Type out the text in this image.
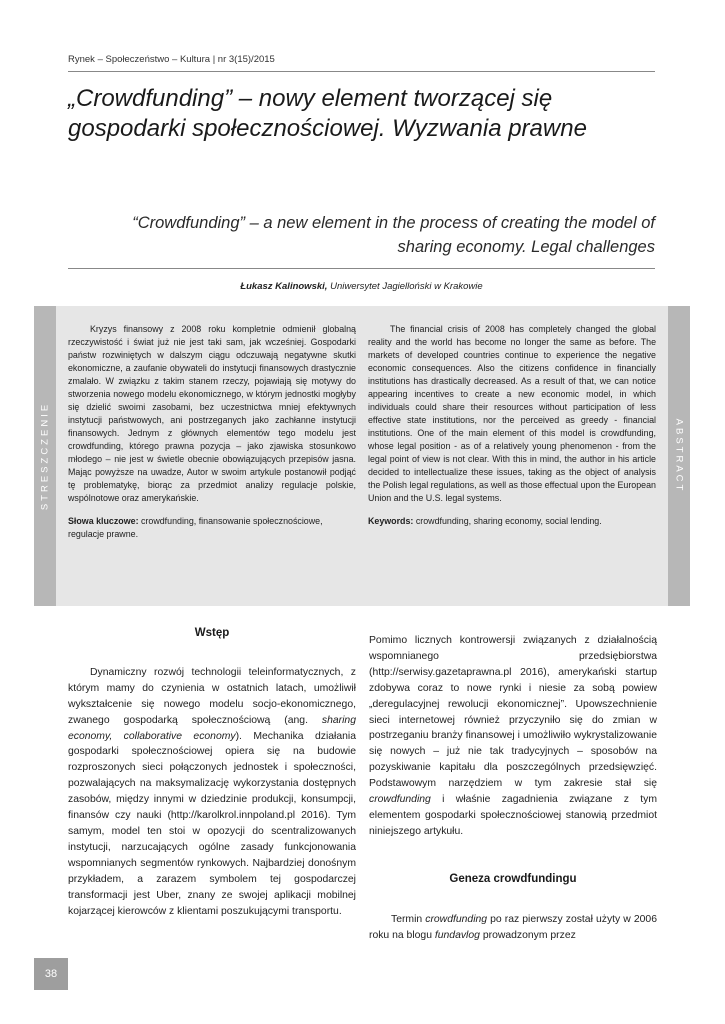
Rynek – Społeczeństwo – Kultura | nr 3(15)/2015
„Crowdfunding” – nowy element tworzącej się gospodarki społecznościowej. Wyzwania prawne
“Crowdfunding” – a new element in the process of creating the model of sharing economy. Legal challenges
Łukasz Kalinowski, Uniwersytet Jagielloński w Krakowie
STRESZCZENIE

Kryzys finansowy z 2008 roku kompletnie odmienił globalną rzeczywistość i świat już nie jest taki sam, jak wcześniej. Gospodarki państw rozwiniętych w dalszym ciągu odczuwają negatywne skutki ekonomiczne, a zaufanie obywateli do instytucji finansowych drastycznie zmalało. W związku z takim stanem rzeczy, pojawiają się motywy do stworzenia nowego modelu ekonomicznego, w którym jednostki mogłyby się dzielić swoimi zasobami, bez uczestnictwa mniej efektywnych instytucji państwowych, ani postrzeganych jako zachłanne instytucji finansowych. Jednym z głównych elementów tego modelu jest crowdfunding, którego prawna pozycja – jako zjawiska stosunkowo młodego – nie jest w świetle obecnie obowiązujących przepisów jasna. Mając powyższe na uwadze, Autor w swoim artykule postanowił podjąć tę problematykę, biorąc za przedmiot analizy regulacje polskie, wspólnotowe oraz amerykańskie.

Słowa kluczowe: crowdfunding, finansowanie społecznościowe, regulacje prawne.

The financial crisis of 2008 has completely changed the global reality and the world has become no longer the same as before. The markets of developed countries continue to experience the negative economic consequences. Also the citizens confidence in financially institutions has drastically decreased. As a result of that, we can notice appearing incentives to create a new economic model, in which individuals could share their resources without participation of less effective state institutions, nor the perceived as greedy - financial institutions. One of the main element of this model is crowdfunding, whose legal position - as of a relatively young phenomenon - from the legal point of view is not clear. With this in mind, the author in his article decided to intellectualize these issues, taking as the object of analysis the Polish legal regulations, as well as those effectual upon the European Union and the U.S. legal systems.

Keywords: crowdfunding, sharing economy, social lending.

ABSTRACT
Wstęp

Dynamiczny rozwój technologii teleinformatycznych, z którym mamy do czynienia w ostatnich latach, umożliwił wykształcenie się nowego modelu socjo-ekonomicznego, zwanego gospodarką społecznościową (ang. sharing economy, collaborative economy). Mechanika działania gospodarki społecznościowej opiera się na budowie rozproszonych sieci połączonych jednostek i społeczności, pozwalających na maksymalizację wykorzystania dostępnych zasobów, między innymi w dziedzinie produkcji, konsumpcji, finansów czy nauki (http://karolkrol.innpoland.pl 2016). Tym samym, model ten stoi w opozycji do scentralizowanych instytucji, narzucających ogólne zasady funkcjonowania wspomnianych segmentów rynkowych. Najbardziej donośnym przykładem, a zarazem symbolem tej gospodarczej transformacji jest Uber, znany ze swojej aplikacji mobilnej kojarzącej kierowców z klientami poszukującymi transportu.

Pomimo licznych kontrowersji związanych z działalnością wspomnianego przedsiębiorstwa (http://serwisy.gazetaprawna.pl 2016), amerykański startup zdobywa coraz to nowe rynki i niesie za sobą powiew „deregulacyjnej rewolucji ekonomicznej”. Upowszechnienie sieci internetowej również przyczyniło się do zmian w postrzeganiu branży finansowej i umożliwiło wykrystalizowanie się nowych – już nie tak tradycyjnych – sposobów na pozyskiwanie kapitału dla poszczególnych przedsięwzięć. Podstawowym narzędziem w tym zakresie stał się crowdfunding i właśnie zagadnienia związane z tym elementem gospodarki społecznościowej stanowią przedmiot niniejszego artykułu.

Geneza crowdfundingu

Termin crowdfunding po raz pierwszy został użyty w 2006 roku na blogu fundavlog prowadzonym przez

38
